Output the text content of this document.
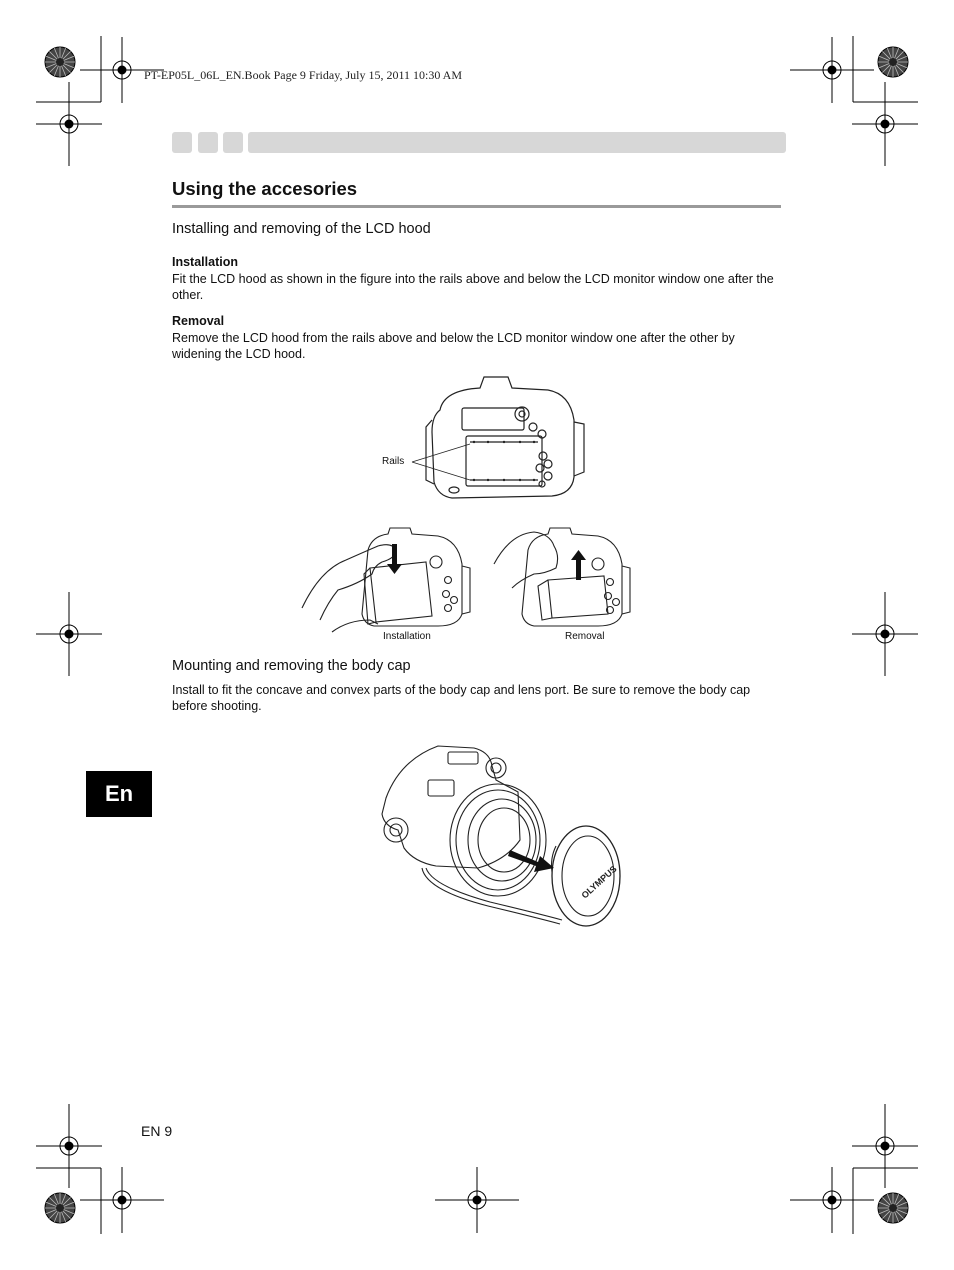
PT-EP05L_06L_EN.Book Page 9 Friday, July 15, 2011 10:30 AM
Using the accesories
Installing and removing of the LCD hood
Installation
Fit the LCD hood as shown in the figure into the rails above and below the LCD monitor window one after the other.
Removal
Remove the LCD hood from the rails above and below the LCD monitor window one after the other by widening the LCD hood.
Rails
Installation	Removal
Mounting and removing the body cap
Install to fit the concave and convex parts of the body cap and lens port. Be sure to remove the body cap before shooting.
OLYMPUS
En
EN 9
